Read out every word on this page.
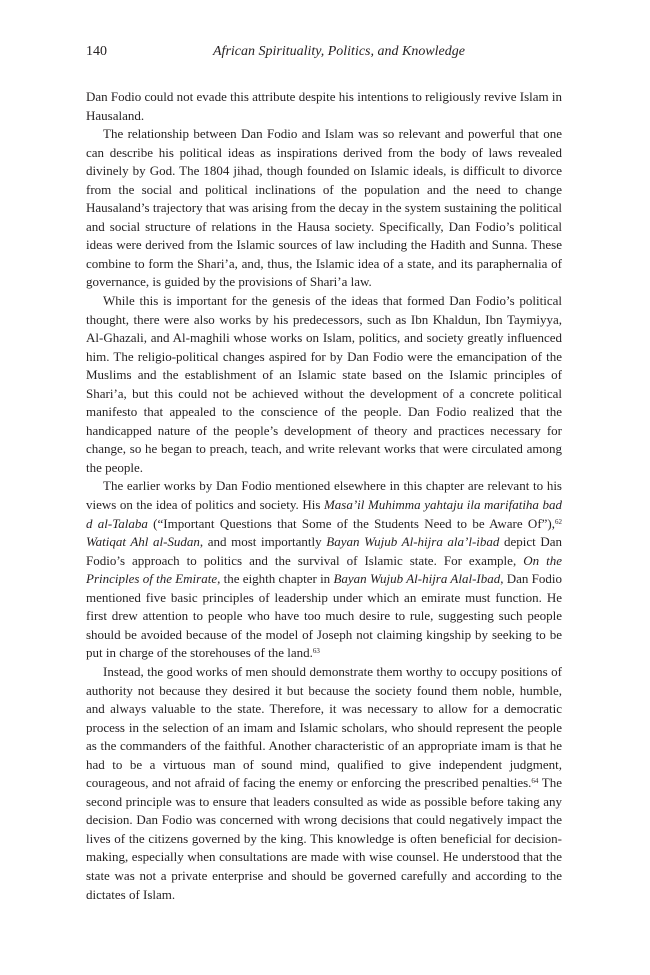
140	African Spirituality, Politics, and Knowledge

Dan Fodio could not evade this attribute despite his intentions to religiously revive Islam in Hausaland.

The relationship between Dan Fodio and Islam was so relevant and powerful that one can describe his political ideas as inspirations derived from the body of laws revealed divinely by God. The 1804 jihad, though founded on Islamic ideals, is difficult to divorce from the social and political inclinations of the population and the need to change Hausaland’s trajectory that was arising from the decay in the system sustaining the political and social structure of relations in the Hausa society. Specifically, Dan Fodio’s political ideas were derived from the Islamic sources of law including the Hadith and Sunna. These combine to form the Shari’a, and, thus, the Islamic idea of a state, and its paraphernalia of governance, is guided by the provisions of Shari’a law.

While this is important for the genesis of the ideas that formed Dan Fodio’s political thought, there were also works by his predecessors, such as Ibn Khaldun, Ibn Taymiyya, Al-Ghazali, and Al-maghili whose works on Islam, politics, and society greatly influenced him. The religio-political changes aspired for by Dan Fodio were the emancipation of the Muslims and the establishment of an Islamic state based on the Islamic principles of Shari’a, but this could not be achieved without the development of a concrete political manifesto that appealed to the conscience of the people. Dan Fodio realized that the handicapped nature of the people’s development of theory and practices necessary for change, so he began to preach, teach, and write relevant works that were circulated among the people.

The earlier works by Dan Fodio mentioned elsewhere in this chapter are relevant to his views on the idea of politics and society. His Masa’il Muhimma yahtaju ila marifatiha bad d al-Talaba (“Important Questions that Some of the Students Need to be Aware Of”),$^{62}$ Watiqat Ahl al-Sudan, and most importantly Bayan Wujub Al-hijra ala’l-ibad depict Dan Fodio’s approach to politics and the survival of Islamic state. For example, On the Principles of the Emirate, the eighth chapter in Bayan Wujub Al-hijra Alal-Ibad, Dan Fodio mentioned five basic principles of leadership under which an emirate must function. He first drew attention to people who have too much desire to rule, suggesting such people should be avoided because of the model of Joseph not claiming kingship by seeking to be put in charge of the storehouses of the land.$^{63}$

Instead, the good works of men should demonstrate them worthy to occupy positions of authority not because they desired it but because the society found them noble, humble, and always valuable to the state. Therefore, it was necessary to allow for a democratic process in the selection of an imam and Islamic scholars, who should represent the people as the commanders of the faithful. Another characteristic of an appropriate imam is that he had to be a virtuous man of sound mind, qualified to give independent judgment, courageous, and not afraid of facing the enemy or enforcing the prescribed penalties.$^{64}$ The second principle was to ensure that leaders consulted as wide as possible before taking any decision. Dan Fodio was concerned with wrong decisions that could negatively impact the lives of the citizens governed by the king. This knowledge is often beneficial for decision-making, especially when consultations are made with wise counsel. He understood that the state was not a private enterprise and should be governed carefully and according to the dictates of Islam.
